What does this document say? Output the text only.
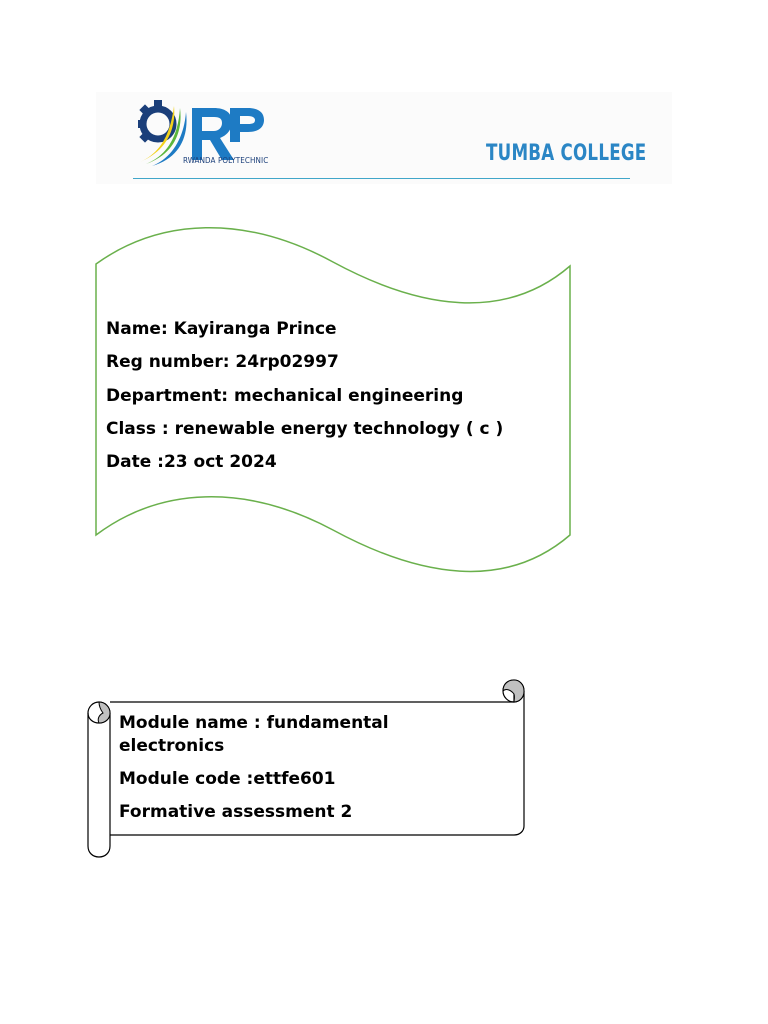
RWANDA POLYTECHNIC	TUMBA COLLEGE
Name: Kayiranga Prince
Reg number: 24rp02997
Department: mechanical engineering
Class : renewable energy technology ( c )
Date :23 oct 2024
Module name : fundamental electronics
Module code :ettfe601
Formative assessment 2
